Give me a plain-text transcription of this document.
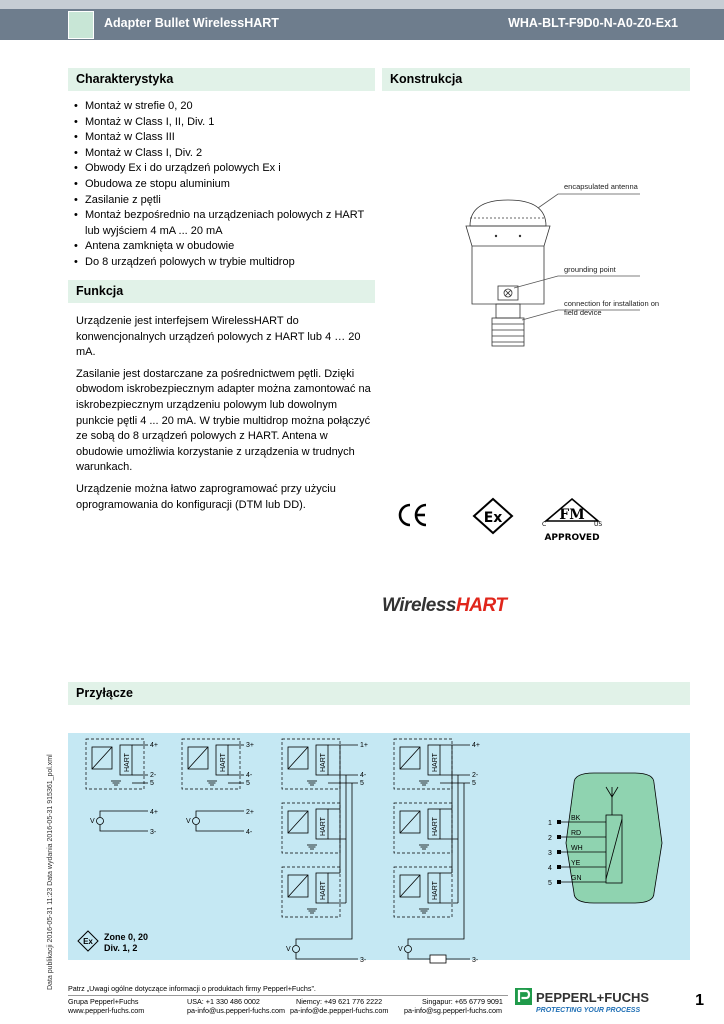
Adapter Bullet WirelessHART	WHA-BLT-F9D0-N-A0-Z0-Ex1
Charakterystyka	Konstrukcja
Funkcja
Przyłącze
• Montaż w strefie 0, 20
• Montaż w Class I, II, Div. 1
• Montaż w Class III
• Montaż w Class I, Div. 2
• Obwody Ex i do urządzeń polowych Ex i
• Obudowa ze stopu aluminium
• Zasilanie z pętli
• Montaż bezpośrednio na urządzeniach polowych z HART lub wyjściem 4 mA ... 20 mA
• Antena zamknięta w obudowie
• Do 8 urządzeń polowych w trybie multidrop

Urządzenie jest interfejsem WirelessHART do konwencjonalnych urządzeń polowych z HART lub 4 … 20 mA.

Zasilanie jest dostarczane za pośrednictwem pętli. Dzięki obwodom iskrobezpiecznym adapter można zamontować na iskrobezpiecznym urządzeniu polowym lub dowolnym punkcie pętli 4 ... 20 mA. W trybie multidrop można połączyć ze sobą do 8 urządzeń polowych z HART. Antena w obudowie umożliwia korzystanie z urządzenia w trudnych warunkach.

Urządzenie można łatwo zaprogramować przy użyciu oprogramowania do konfiguracji (DTM lub DD).

encapsulated antenna
grounding point
connection for installation on field device
Ex	FM
C	US
APPROVED
WirelessHART
HART
4+
2-
5
V
4+
3-
HART
3+
4-
5
V
2+
4-
HART
HART
HART
1+
4-
5
V
3-
HART
HART
HART
4+
2-
5
V
3-
1
2
3
4
5
BK
RD
WH
YE
GN
Ex Zone 0, 20
Div. 1, 2
Data publikacji 2016-05-31 11:23 Data wydania 2016-05-31 915361_pol.xml Patrz „Uwagi ogólne dotyczące informacji o produktach firmy Pepperl+Fuchs”.
Grupa Pepperl+Fuchs
www.pepperl-fuchs.com
USA: +1 330 486 0002
pa-info@us.pepperl-fuchs.com
Niemcy: +49 621 776 2222
pa-info@de.pepperl-fuchs.com
Singapur: +65 6779 9091
pa-info@sg.pepperl-fuchs.com
PEPPERL+FUCHS
PROTECTING YOUR PROCESS
1
